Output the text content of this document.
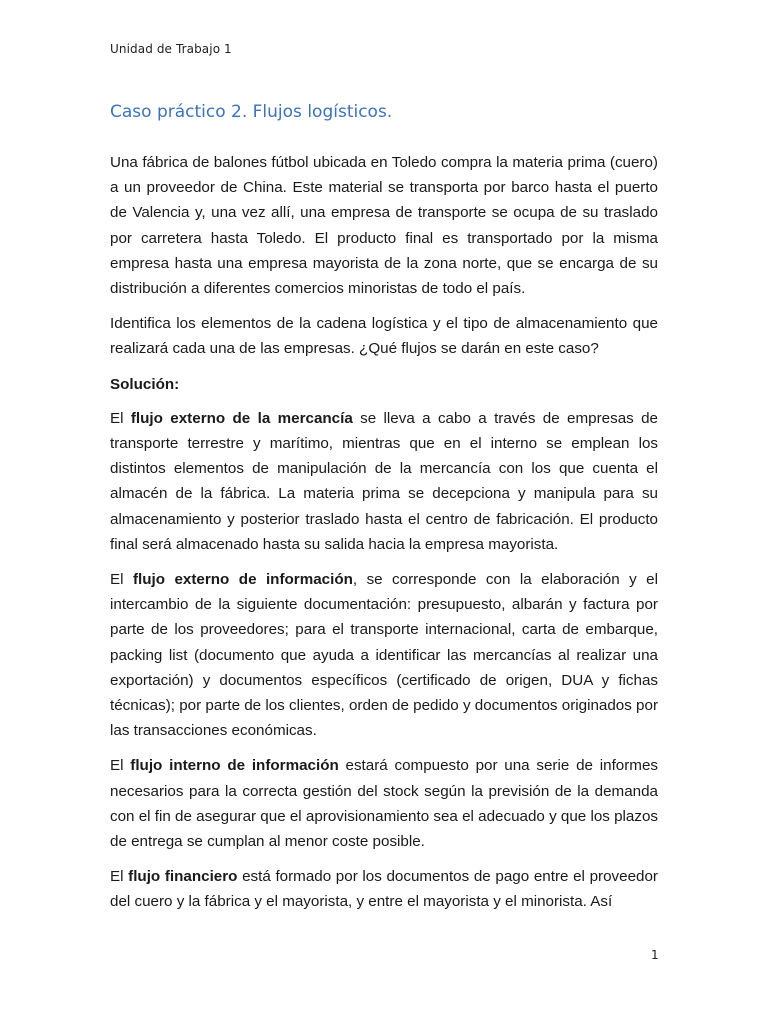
Unidad de Trabajo 1
Caso práctico 2. Flujos logísticos.

Una fábrica de balones fútbol ubicada en Toledo compra la materia prima (cuero) a un proveedor de China. Este material se transporta por barco hasta el puerto de Valencia y, una vez allí, una empresa de transporte se ocupa de su traslado por carretera hasta Toledo. El producto final es transportado por la misma empresa hasta una empresa mayorista de la zona norte, que se encarga de su distribución a diferentes comercios minoristas de todo el país.

Identifica los elementos de la cadena logística y el tipo de almacenamiento que realizará cada una de las empresas. ¿Qué flujos se darán en este caso?

Solución:

El flujo externo de la mercancía se lleva a cabo a través de empresas de transporte terrestre y marítimo, mientras que en el interno se emplean los distintos elementos de manipulación de la mercancía con los que cuenta el almacén de la fábrica. La materia prima se decepciona y manipula para su almacenamiento y posterior traslado hasta el centro de fabricación. El producto final será almacenado hasta su salida hacia la empresa mayorista.

El flujo externo de información, se corresponde con la elaboración y el intercambio de la siguiente documentación: presupuesto, albarán y factura por parte de los proveedores; para el transporte internacional, carta de embarque, packing list (documento que ayuda a identificar las mercancías al realizar una exportación) y documentos específicos (certificado de origen, DUA y fichas técnicas); por parte de los clientes, orden de pedido y documentos originados por las transacciones económicas.

El flujo interno de información estará compuesto por una serie de informes necesarios para la correcta gestión del stock según la previsión de la demanda con el fin de asegurar que el aprovisionamiento sea el adecuado y que los plazos de entrega se cumplan al menor coste posible.

El flujo financiero está formado por los documentos de pago entre el proveedor del cuero y la fábrica y el mayorista, y entre el mayorista y el minorista. Así

1
